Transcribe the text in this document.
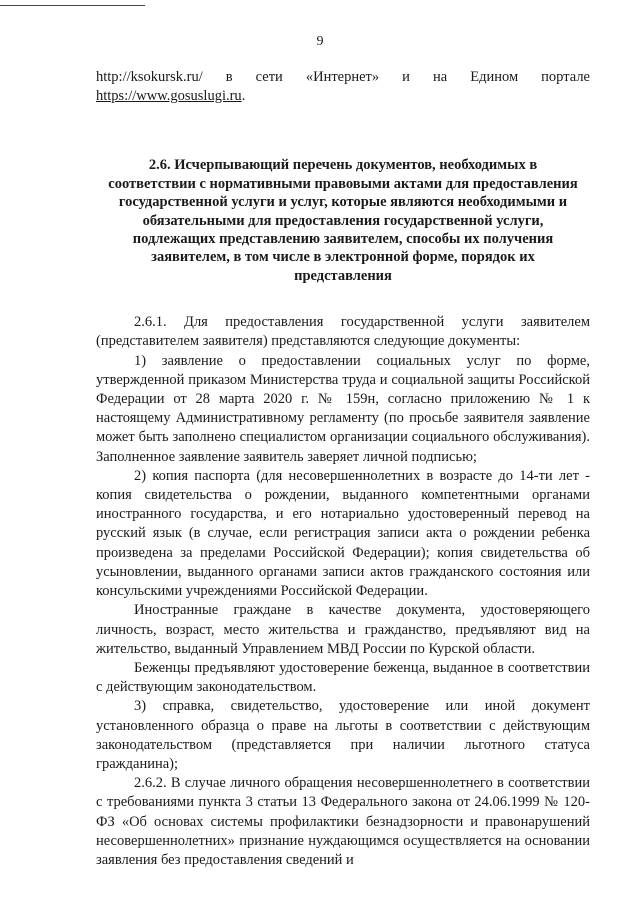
9

http://ksokursk.ru/ в сети «Интернет» и на Едином портале

https://www.gosuslugi.ru.

2.6. Исчерпывающий перечень документов, необходимых в
соответствии с нормативными правовыми актами для предоставления
государственной услуги и услуг, которые являются необходимыми и
обязательными для предоставления государственной услуги,
подлежащих представлению заявителем, способы их получения
заявителем, в том числе в электронной форме, порядок их
представления

2.6.1. Для предоставления государственной услуги заявителем (представителем заявителя) представляются следующие документы:

1) заявление о предоставлении социальных услуг по форме, утвержденной приказом Министерства труда и социальной защиты Российской Федерации от 28 марта 2020 г. № 159н, согласно приложению № 1 к настоящему Административному регламенту (по просьбе заявителя заявление может быть заполнено специалистом организации социального обслуживания). Заполненное заявление заявитель заверяет личной подписью;

2) копия паспорта (для несовершеннолетних в возрасте до 14-ти лет - копия свидетельства о рождении, выданного компетентными органами иностранного государства, и его нотариально удостоверенный перевод на русский язык (в случае, если регистрация записи акта о рождении ребенка произведена за пределами Российской Федерации); копия свидетельства об усыновлении, выданного органами записи актов гражданского состояния или консульскими учреждениями Российской Федерации.

Иностранные граждане в качестве документа, удостоверяющего личность, возраст, место жительства и гражданство, предъявляют вид на жительство, выданный Управлением МВД России по Курской области.

Беженцы предъявляют удостоверение беженца, выданное в соответствии с действующим законодательством.

3) справка, свидетельство, удостоверение или иной документ установленного образца о праве на льготы в соответствии с действующим законодательством (представляется при наличии льготного статуса гражданина);

2.6.2. В случае личного обращения несовершеннолетнего в соответствии с требованиями пункта 3 статьи 13 Федерального закона от 24.06.1999 № 120-ФЗ «Об основах системы профилактики безнадзорности и правонарушений несовершеннолетних» признание нуждающимся осуществляется на основании заявления без предоставления сведений и
